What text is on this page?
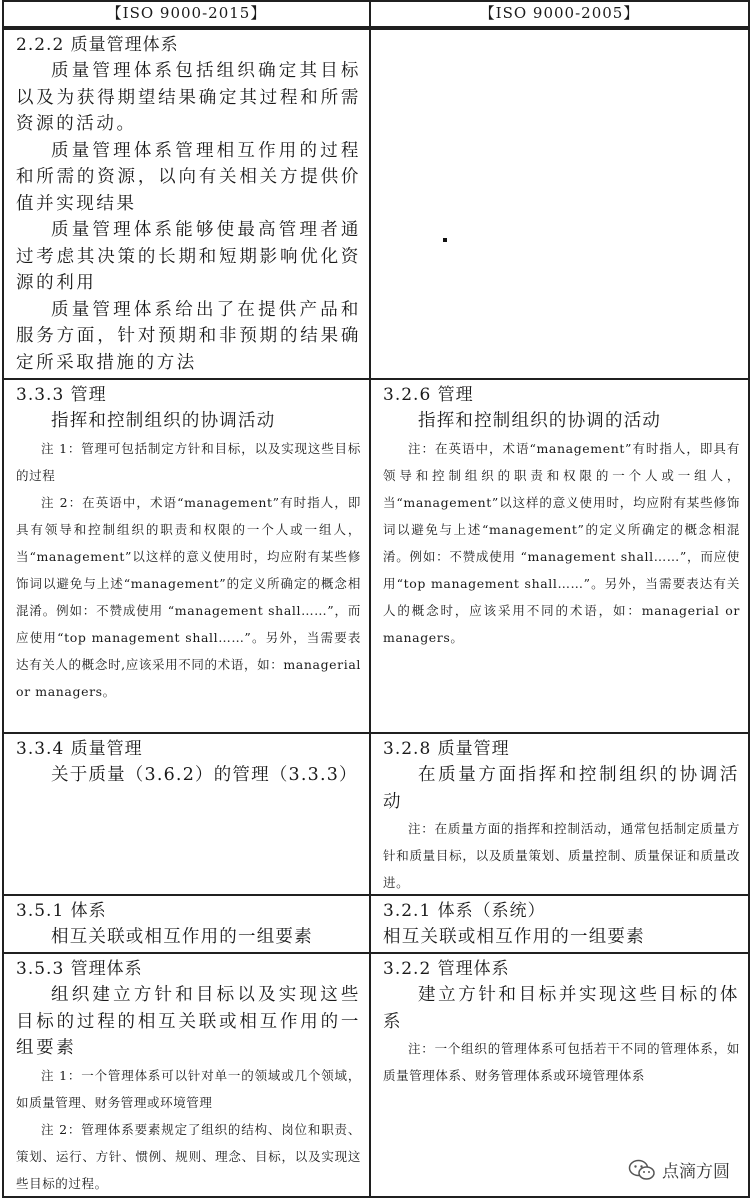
【ISO 9000-2015】	【ISO 9000-2005】
2.2.2 质量管理体系

质量管理体系包括组织确定其目标以及为获得期望结果确定其过程和所需资源的活动。

质量管理体系管理相互作用的过程和所需的资源，以向有关相关方提供价值并实现结果

质量管理体系能够使最高管理者通过考虑其决策的长期和短期影响优化资源的利用

质量管理体系给出了在提供产品和服务方面，针对预期和非预期的结果确定所采取措施的方法

3.3.3 管理

指挥和控制组织的协调活动

注 1：管理可包括制定方针和目标，以及实现这些目标的过程

注 2：在英语中，术语“management”有时指人，即具有领导和控制组织的职责和权限的一个人或一组人，当“management”以这样的意义使用时，均应附有某些修饰词以避免与上述“management”的定义所确定的概念相混淆。例如：不赞成使用 “management shall……”，而应使用“top management shall……”。另外，当需要表达有关人的概念时,应该采用不同的术语，如：managerial or managers。

3.2.6 管理

指挥和控制组织的协调的活动

注：在英语中，术语“management”有时指人，即具有领导和控制组织的职责和权限的一个人或一组人，当“management”以这样的意义使用时，均应附有某些修饰词以避免与上述“management”的定义所确定的概念相混淆。例如：不赞成使用 “management shall……”，而应使用“top management shall……”。另外，当需要表达有关人的概念时，应该采用不同的术语，如：managerial or managers。

3.3.4 质量管理

关于质量（3.6.2）的管理（3.3.3）

3.2.8 质量管理

在质量方面指挥和控制组织的协调活动

注：在质量方面的指挥和控制活动，通常包括制定质量方针和质量目标，以及质量策划、质量控制、质量保证和质量改进。

3.5.1 体系

相互关联或相互作用的一组要素

3.2.1 体系（系统）

相互关联或相互作用的一组要素

3.5.3 管理体系

组织建立方针和目标以及实现这些目标的过程的相互关联或相互作用的一组要素

注 1：一个管理体系可以针对单一的领域或几个领域，如质量管理、财务管理或环境管理

注 2：管理体系要素规定了组织的结构、岗位和职责、策划、运行、方针、惯例、规则、理念、目标，以及实现这些目标的过程。

3.2.2 管理体系

建立方针和目标并实现这些目标的体系

注：一个组织的管理体系可包括若干不同的管理体系，如质量管理体系、财务管理体系或环境管理体系

点滴方圆
